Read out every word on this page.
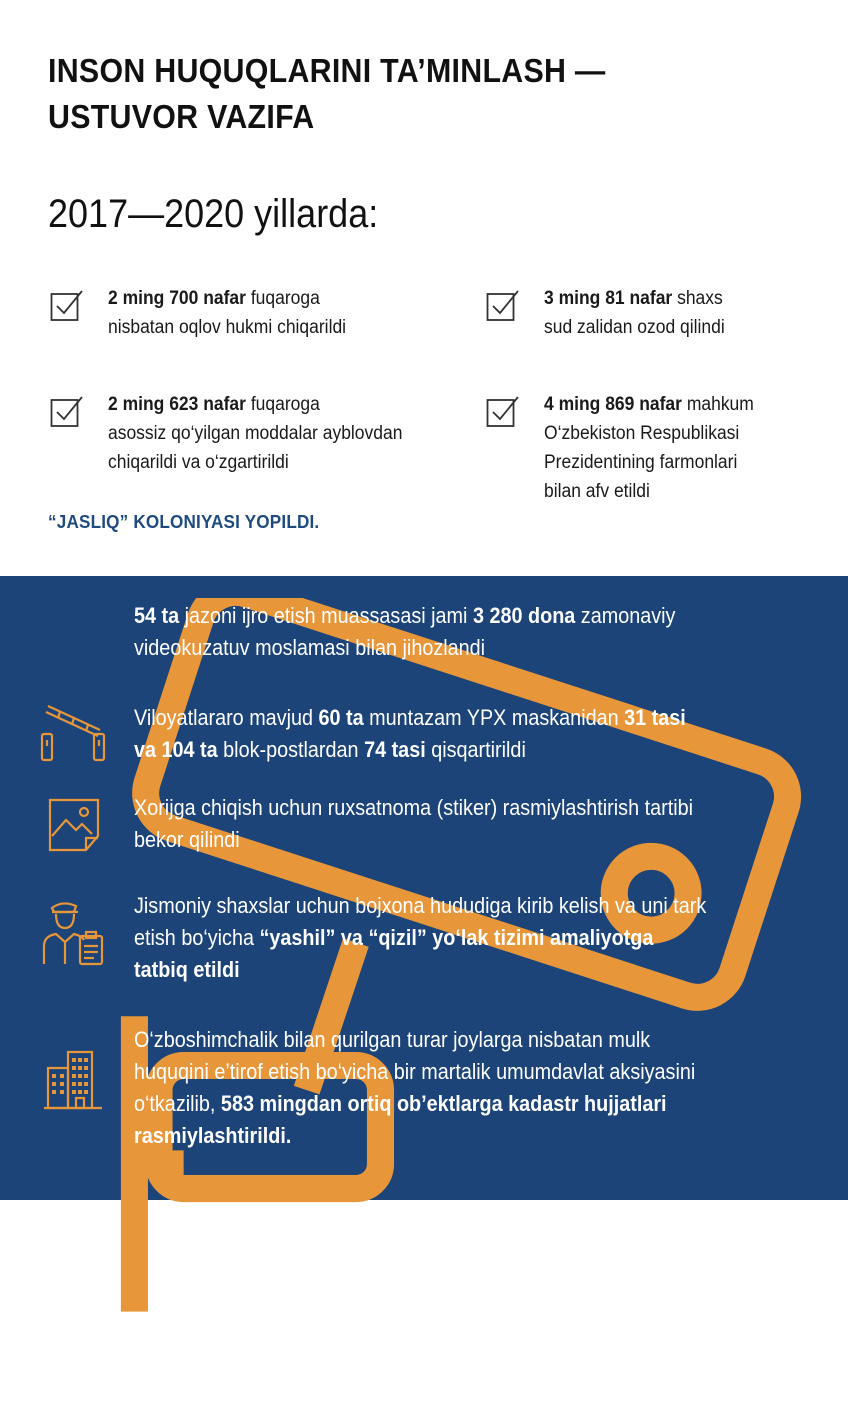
INSON HUQUQLARINI TA’MINLASH —
USTUVOR VAZIFA
2017—2020 yillarda:
2 ming 700 nafar fuqaroga
nisbatan oqlov hukmi chiqarildi
3 ming 81 nafar shaxs
sud zalidan ozod qilindi
2 ming 623 nafar fuqaroga
asossiz qo‘yilgan moddalar ayblovdan
chiqarildi va o‘zgartirildi
4 ming 869 nafar mahkum
O‘zbekiston Respublikasi
Prezidentining farmonlari
bilan afv etildi
“JASLIQ” KOLONIYASI YOPILDI.
54 ta jazoni ijro etish muassasasi jami 3 280 dona zamonaviy
videokuzatuv moslamasi bilan jihozlandi
Viloyatlararo mavjud 60 ta muntazam YPX maskanidan 31 tasi
va 104 ta blok-postlardan 74 tasi qisqartirildi
Xorijga chiqish uchun ruxsatnoma (stiker) rasmiylashtirish tartibi
bekor qilindi
Jismoniy shaxslar uchun bojxona hududiga kirib kelish va uni tark
etish bo‘yicha “yashil” va “qizil” yo‘lak tizimi amaliyotga
tatbiq etildi
O‘zboshimchalik bilan qurilgan turar joylarga nisbatan mulk
huquqini e’tirof etish bo‘yicha bir martalik umumdavlat aksiyasini
o‘tkazilib, 583 mingdan ortiq ob’ektlarga kadastr hujjatlari
rasmiylashtirildi.
